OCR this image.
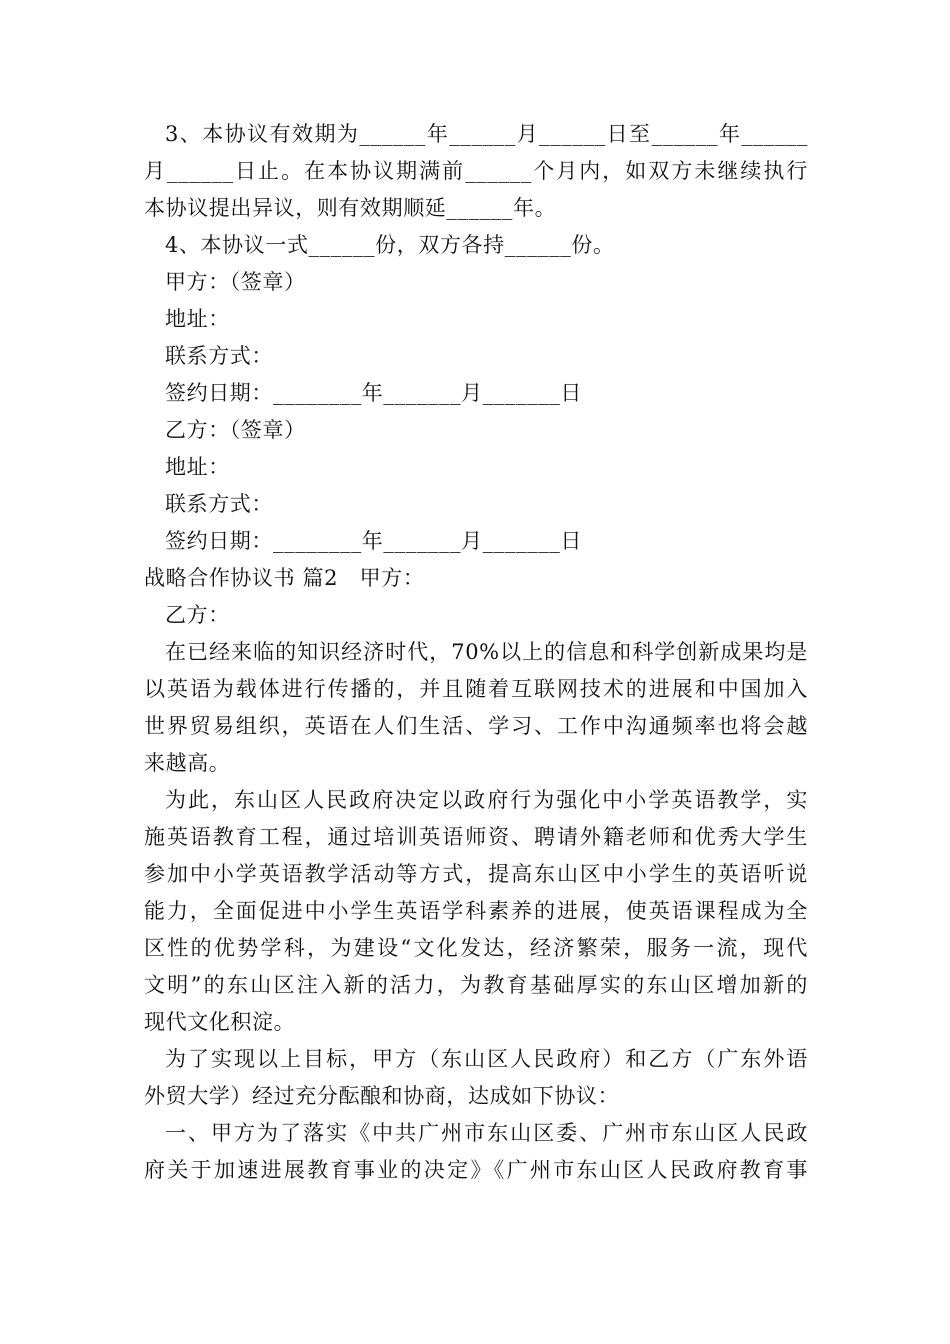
3、本协议有效期为______年______月______日至______年______
月______日止。在本协议期满前______个月内，如双方未继续执行
本协议提出异议，则有效期顺延______年。
4、本协议一式______份，双方各持______份。
甲方：（签章）
地址：
联系方式：
签约日期：________年_______月_______日
乙方：（签章）
地址：
联系方式：
签约日期：________年_______月_______日
战略合作协议书 篇2　甲方：
乙方：
在已经来临的知识经济时代，70%以上的信息和科学创新成果均是
以英语为载体进行传播的，并且随着互联网技术的进展和中国加入
世界贸易组织，英语在人们生活、学习、工作中沟通频率也将会越
来越高。
为此，东山区人民政府决定以政府行为强化中小学英语教学，实
施英语教育工程，通过培训英语师资、聘请外籍老师和优秀大学生
参加中小学英语教学活动等方式，提高东山区中小学生的英语听说
能力，全面促进中小学生英语学科素养的进展，使英语课程成为全
区性的优势学科，为建设“文化发达，经济繁荣，服务一流，现代
文明”的东山区注入新的活力，为教育基础厚实的东山区增加新的
现代文化积淀。
为了实现以上目标，甲方（东山区人民政府）和乙方（广东外语
外贸大学）经过充分酝酿和协商，达成如下协议：
一、甲方为了落实《中共广州市东山区委、广州市东山区人民政
府关于加速进展教育事业的决定》《广州市东山区人民政府教育事
